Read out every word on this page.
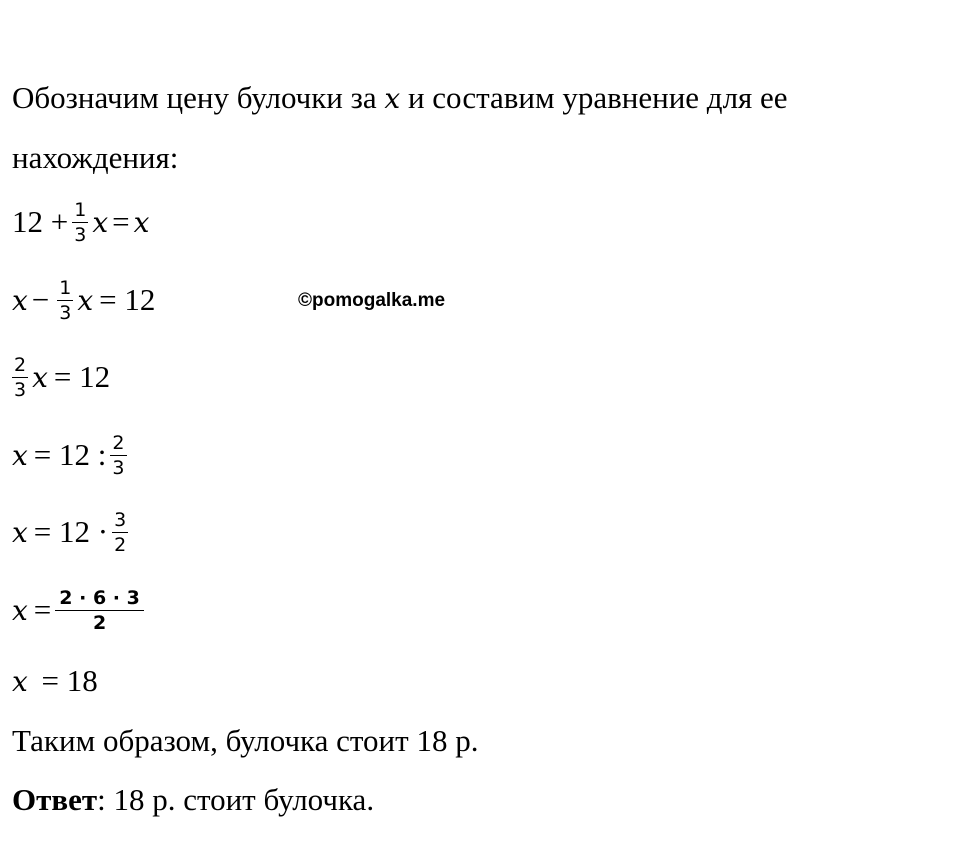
Обозначим цену булочки за x и составим уравнение для ее
нахождения:
$12 + \frac{1}{3}$ x = x
$x - \frac{1}{3}$ x = 12	©pomogalka.me
$\frac{2}{3}$ x = 12
x = 12 : $\frac{2}{3}$
$x = 12 \cdot \frac{3}{2}$
$x = \frac{2 \cdot 6 \cdot 3}{2}$
x = 18
Таким образом, булочка стоит 18 р.
Ответ: 18 р. стоит булочка.
